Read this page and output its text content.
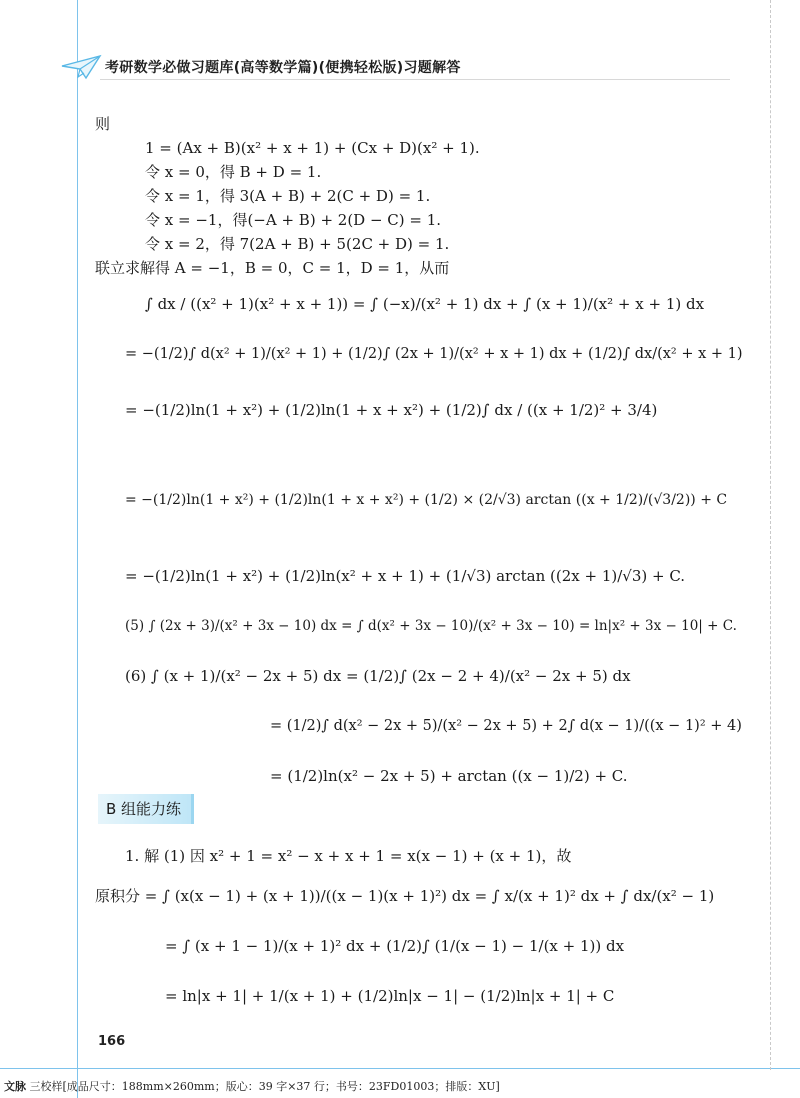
考研数学必做习题库(高等数学篇)(便携轻松版)习题解答
则
1 = (Ax + B)(x² + x + 1) + (Cx + D)(x² + 1).
令 x = 0，得 B + D = 1.
令 x = 1，得 3(A + B) + 2(C + D) = 1.
令 x = −1，得(−A + B) + 2(D − C) = 1.
令 x = 2，得 7(2A + B) + 5(2C + D) = 1.
联立求解得 A = −1，B = 0，C = 1，D = 1，从而
∫ dx / ((x² + 1)(x² + x + 1)) = ∫ (−x)/(x² + 1) dx + ∫ (x + 1)/(x² + x + 1) dx
= −(1/2)∫ d(x² + 1)/(x² + 1) + (1/2)∫ (2x + 1)/(x² + x + 1) dx + (1/2)∫ dx/(x² + x + 1)
= −(1/2)ln(1 + x²) + (1/2)ln(1 + x + x²) + (1/2)∫ dx / ((x + 1/2)² + 3/4)
= −(1/2)ln(1 + x²) + (1/2)ln(1 + x + x²) + (1/2) × (2/√3) arctan ((x + 1/2)/(√3/2)) + C
= −(1/2)ln(1 + x²) + (1/2)ln(x² + x + 1) + (1/√3) arctan ((2x + 1)/√3) + C.
(5) ∫ (2x + 3)/(x² + 3x − 10) dx = ∫ d(x² + 3x − 10)/(x² + 3x − 10) = ln|x² + 3x − 10| + C.
(6) ∫ (x + 1)/(x² − 2x + 5) dx = (1/2)∫ (2x − 2 + 4)/(x² − 2x + 5) dx
= (1/2)∫ d(x² − 2x + 5)/(x² − 2x + 5) + 2∫ d(x − 1)/((x − 1)² + 4)
= (1/2)ln(x² − 2x + 5) + arctan ((x − 1)/2) + C.
1. 解 (1) 因 x² + 1 = x² − x + x + 1 = x(x − 1) + (x + 1)，故
原积分 = ∫ (x(x − 1) + (x + 1))/((x − 1)(x + 1)²) dx = ∫ x/(x + 1)² dx + ∫ dx/(x² − 1)
= ∫ (x + 1 − 1)/(x + 1)² dx + (1/2)∫ (1/(x − 1) − 1/(x + 1)) dx
= ln|x + 1| + 1/(x + 1) + (1/2)ln|x − 1| − (1/2)ln|x + 1| + C
B 组能力练
166
文脉 三校样[成品尺寸：188mm×260mm；版心：39 字×37 行；书号：23FD01003；排版：XU]
